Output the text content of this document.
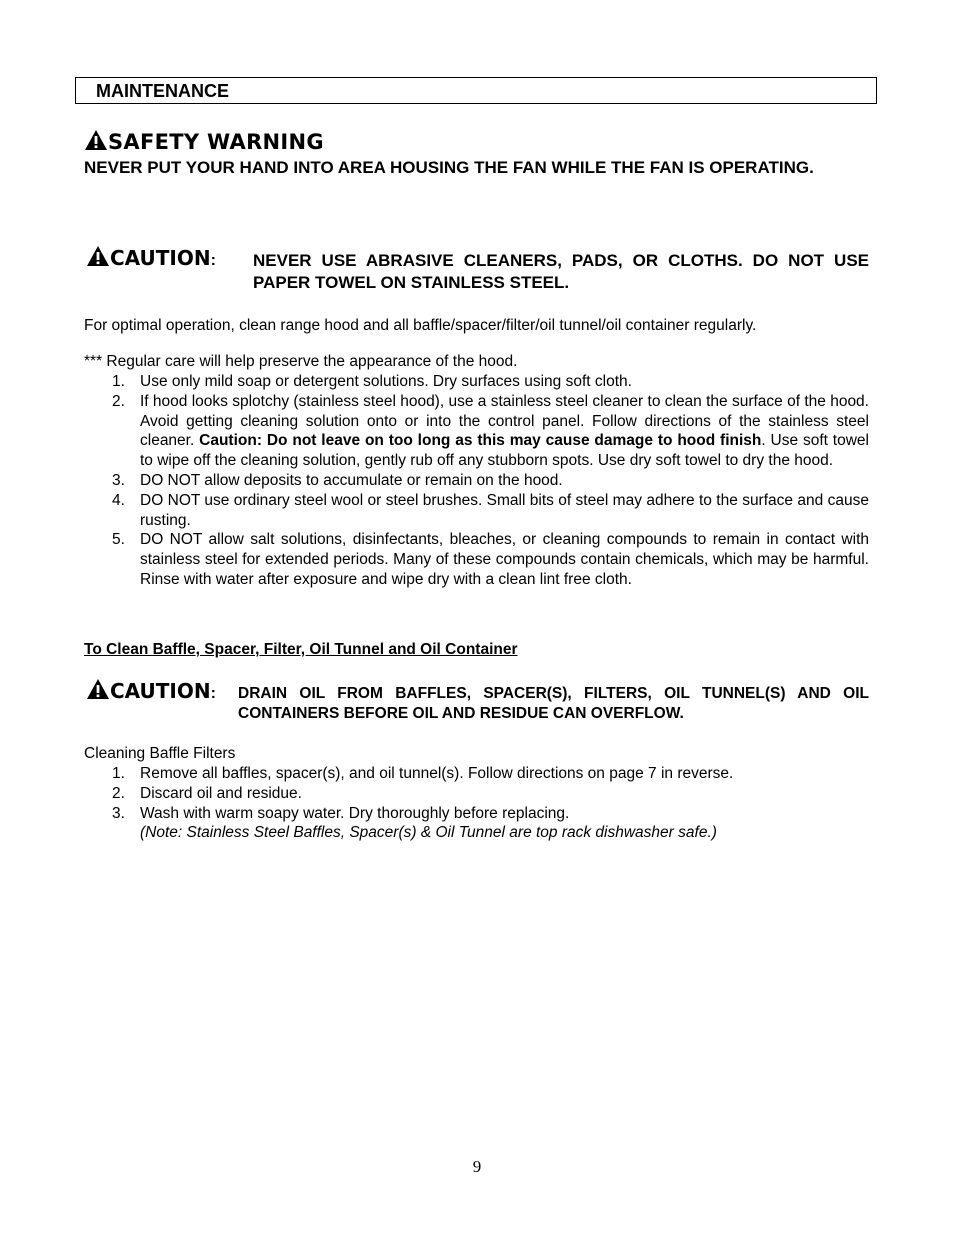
MAINTENANCE
SAFETY WARNING
NEVER PUT YOUR HAND INTO AREA HOUSING THE FAN WHILE THE FAN IS OPERATING.
CAUTION: NEVER USE ABRASIVE CLEANERS, PADS, OR CLOTHS. DO NOT USE PAPER TOWEL ON STAINLESS STEEL.
For optimal operation, clean range hood and all baffle/spacer/filter/oil tunnel/oil container regularly.
*** Regular care will help preserve the appearance of the hood.
1. Use only mild soap or detergent solutions. Dry surfaces using soft cloth.
2. If hood looks splotchy (stainless steel hood), use a stainless steel cleaner to clean the surface of the hood. Avoid getting cleaning solution onto or into the control panel. Follow directions of the stainless steel cleaner. Caution: Do not leave on too long as this may cause damage to hood finish. Use soft towel to wipe off the cleaning solution, gently rub off any stubborn spots. Use dry soft towel to dry the hood.
3. DO NOT allow deposits to accumulate or remain on the hood.
4. DO NOT use ordinary steel wool or steel brushes. Small bits of steel may adhere to the surface and cause rusting.
5. DO NOT allow salt solutions, disinfectants, bleaches, or cleaning compounds to remain in contact with stainless steel for extended periods. Many of these compounds contain chemicals, which may be harmful. Rinse with water after exposure and wipe dry with a clean lint free cloth.
To Clean Baffle, Spacer, Filter, Oil Tunnel and Oil Container
CAUTION: DRAIN OIL FROM BAFFLES, SPACER(S), FILTERS, OIL TUNNEL(S) AND OIL CONTAINERS BEFORE OIL AND RESIDUE CAN OVERFLOW.
Cleaning Baffle Filters
1. Remove all baffles, spacer(s), and oil tunnel(s). Follow directions on page 7 in reverse.
2. Discard oil and residue.
3. Wash with warm soapy water. Dry thoroughly before replacing.
(Note: Stainless Steel Baffles, Spacer(s) & Oil Tunnel are top rack dishwasher safe.)
9
